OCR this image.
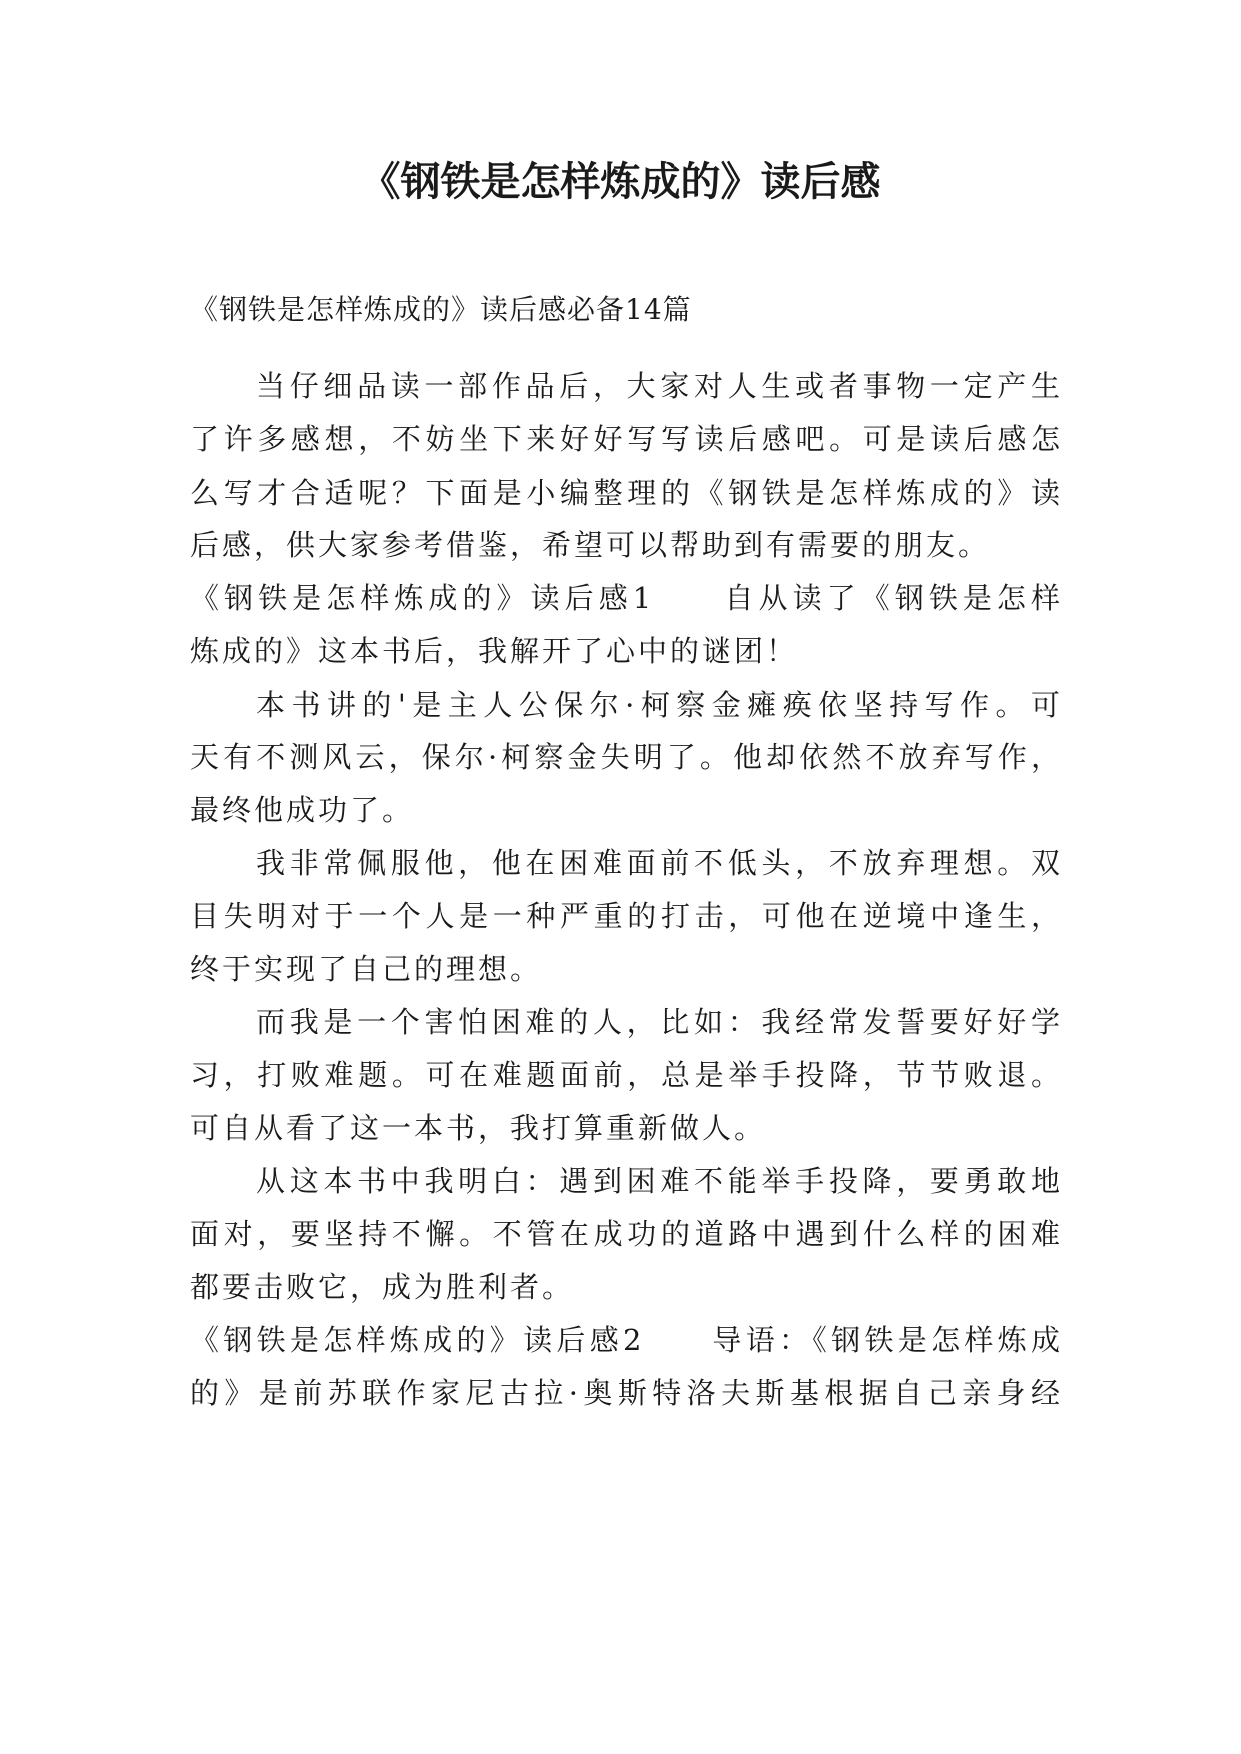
《钢铁是怎样炼成的》读后感
《钢铁是怎样炼成的》读后感必备14篇
当仔细品读一部作品后，大家对人生或者事物一定产生
了许多感想，不妨坐下来好好写写读后感吧。可是读后感怎
么写才合适呢？下面是小编整理的《钢铁是怎样炼成的》读
后感，供大家参考借鉴，希望可以帮助到有需要的朋友。
《钢铁是怎样炼成的》读后感1　　自从读了《钢铁是怎样
炼成的》这本书后，我解开了心中的谜团！
本书讲的'是主人公保尔·柯察金瘫痪依坚持写作。可
天有不测风云，保尔·柯察金失明了。他却依然不放弃写作，
最终他成功了。
我非常佩服他，他在困难面前不低头，不放弃理想。双
目失明对于一个人是一种严重的打击，可他在逆境中逢生，
终于实现了自己的理想。
而我是一个害怕困难的人，比如：我经常发誓要好好学
习，打败难题。可在难题面前，总是举手投降，节节败退。
可自从看了这一本书，我打算重新做人。
从这本书中我明白：遇到困难不能举手投降，要勇敢地
面对，要坚持不懈。不管在成功的道路中遇到什么样的困难
都要击败它，成为胜利者。
《钢铁是怎样炼成的》读后感2　　导语：《钢铁是怎样炼成
的》是前苏联作家尼古拉·奥斯特洛夫斯基根据自己亲身经
